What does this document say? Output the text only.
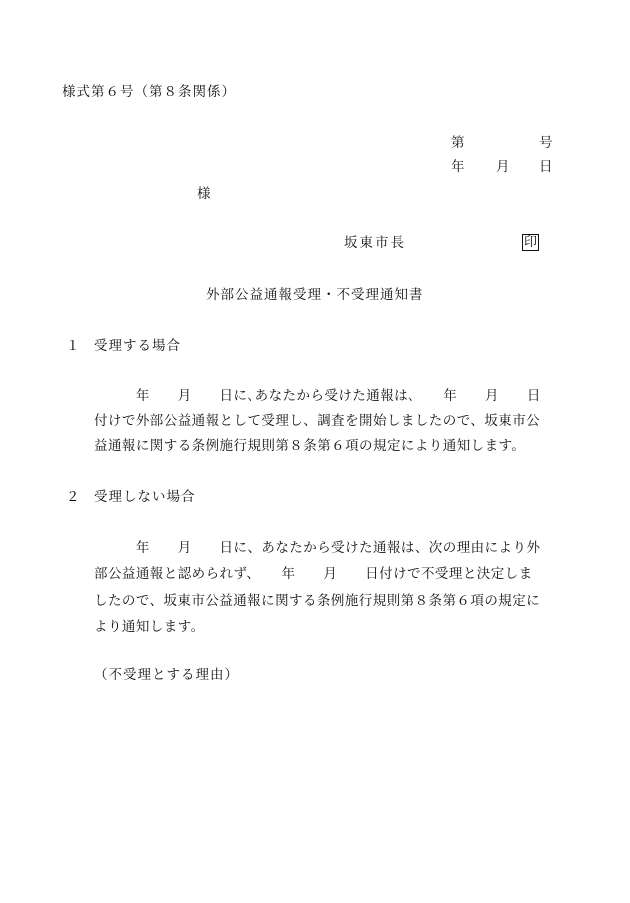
様式第６号（第８条関係）
第	号
年 月 日
様
坂東市長	印
外部公益通報受理・不受理通知書
１ 受理する場合
　　　年　　月　　日に､あなたから受けた通報は､　　年　　月　　日
付けで外部公益通報として受理し、調査を開始しましたので、坂東市公
益通報に関する条例施行規則第８条第６項の規定により通知します。
２ 受理しない場合
　　　年　　月　　日に、あなたから受けた通報は、次の理由により外
部公益通報と認められず、　　年　　月　　日付けで不受理と決定しま
したので、坂東市公益通報に関する条例施行規則第８条第６項の規定に
より通知します。
（不受理とする理由）
